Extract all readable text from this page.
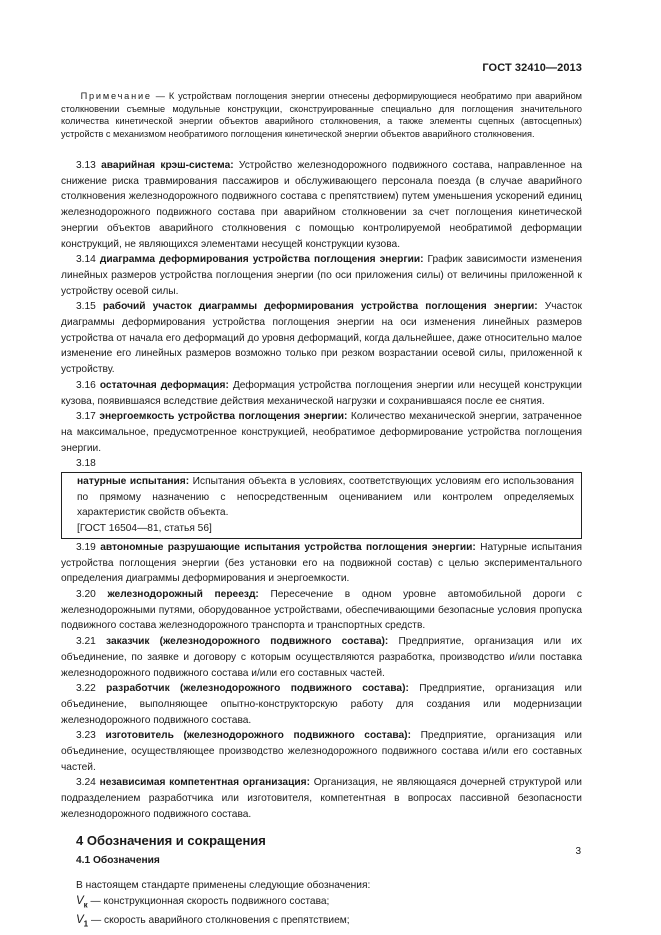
ГОСТ 32410—2013
Примечание — К устройствам поглощения энергии отнесены деформирующиеся необратимо при аварийном столкновении съемные модульные конструкции, сконструированные специально для поглощения значительного количества кинетической энергии объектов аварийного столкновения, а также элементы сцепных (автосцепных) устройств с механизмом необратимого поглощения кинетической энергии объектов аварийного столкновения.

3.13 аварийная крэш-система: Устройство железнодорожного подвижного состава, направленное на снижение риска травмирования пассажиров и обслуживающего персонала поезда (в случае аварийного столкновения железнодорожного подвижного состава с препятствием) путем уменьшения ускорений единиц железнодорожного подвижного состава при аварийном столкновении за счет поглощения кинетической энергии объектов аварийного столкновения с помощью контролируемой необратимой деформации конструкций, не являющихся элементами несущей конструкции кузова.

3.14 диаграмма деформирования устройства поглощения энергии: График зависимости изменения линейных размеров устройства поглощения энергии (по оси приложения силы) от величины приложенной к устройству осевой силы.

3.15 рабочий участок диаграммы деформирования устройства поглощения энергии: Участок диаграммы деформирования устройства поглощения энергии на оси изменения линейных размеров устройства от начала его деформаций до уровня деформаций, когда дальнейшее, даже относительно малое изменение его линейных размеров возможно только при резком возрастании осевой силы, приложенной к устройству.

3.16 остаточная деформация: Деформация устройства поглощения энергии или несущей конструкции кузова, появившаяся вследствие действия механической нагрузки и сохранившаяся после ее снятия.

3.17 энергоемкость устройства поглощения энергии: Количество механической энергии, затраченное на максимальное, предусмотренное конструкцией, необратимое деформирование устройства поглощения энергии.

3.18

натурные испытания: Испытания объекта в условиях, соответствующих условиям его использования по прямому назначению с непосредственным оцениванием или контролем определяемых характеристик свойств объекта.

[ГОСТ 16504—81, статья 56]

3.19 автономные разрушающие испытания устройства поглощения энергии: Натурные испытания устройства поглощения энергии (без установки его на подвижной состав) с целью экспериментального определения диаграммы деформирования и энергоемкости.

3.20 железнодорожный переезд: Пересечение в одном уровне автомобильной дороги с железнодорожными путями, оборудованное устройствами, обеспечивающими безопасные условия пропуска подвижного состава железнодорожного транспорта и транспортных средств.

3.21 заказчик (железнодорожного подвижного состава): Предприятие, организация или их объединение, по заявке и договору с которым осуществляются разработка, производство и/или поставка железнодорожного подвижного состава и/или его составных частей.

3.22 разработчик (железнодорожного подвижного состава): Предприятие, организация или объединение, выполняющее опытно-конструкторскую работу для создания или модернизации железнодорожного подвижного состава.

3.23 изготовитель (железнодорожного подвижного состава): Предприятие, организация или объединение, осуществляющее производство железнодорожного подвижного состава и/или его составных частей.

3.24 независимая компетентная организация: Организация, не являющаяся дочерней структурой или подразделением разработчика или изготовителя, компетентная в вопросах пассивной безопасности железнодорожного подвижного состава.

4 Обозначения и сокращения
4.1 Обозначения

В настоящем стандарте применены следующие обозначения:

$V_к$ — конструкционная скорость подвижного состава;

$V_1$ — скорость аварийного столкновения с препятствием;

3
